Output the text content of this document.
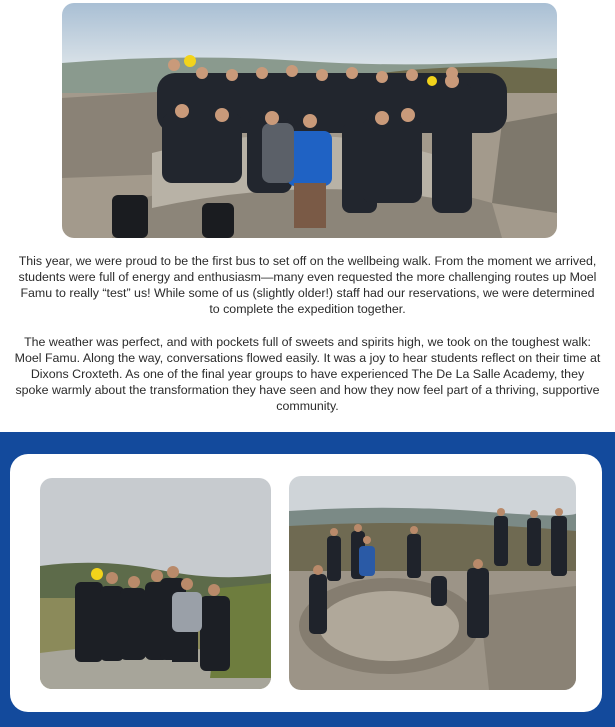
This year, we were proud to be the first bus to set off on the wellbeing walk. From the moment we arrived, students were full of energy and enthusiasm—many even requested the more challenging routes up Moel Famu to really “test” us! While some of us (slightly older!) staff had our reservations, we were determined to complete the expedition together.

The weather was perfect, and with pockets full of sweets and spirits high, we took on the toughest walk: Moel Famu. Along the way, conversations flowed easily. It was a joy to hear students reflect on their time at Dixons Croxteth. As one of the final year groups to have experienced The De La Salle Academy, they spoke warmly about the transformation they have seen and how they now feel part of a thriving, supportive community.
